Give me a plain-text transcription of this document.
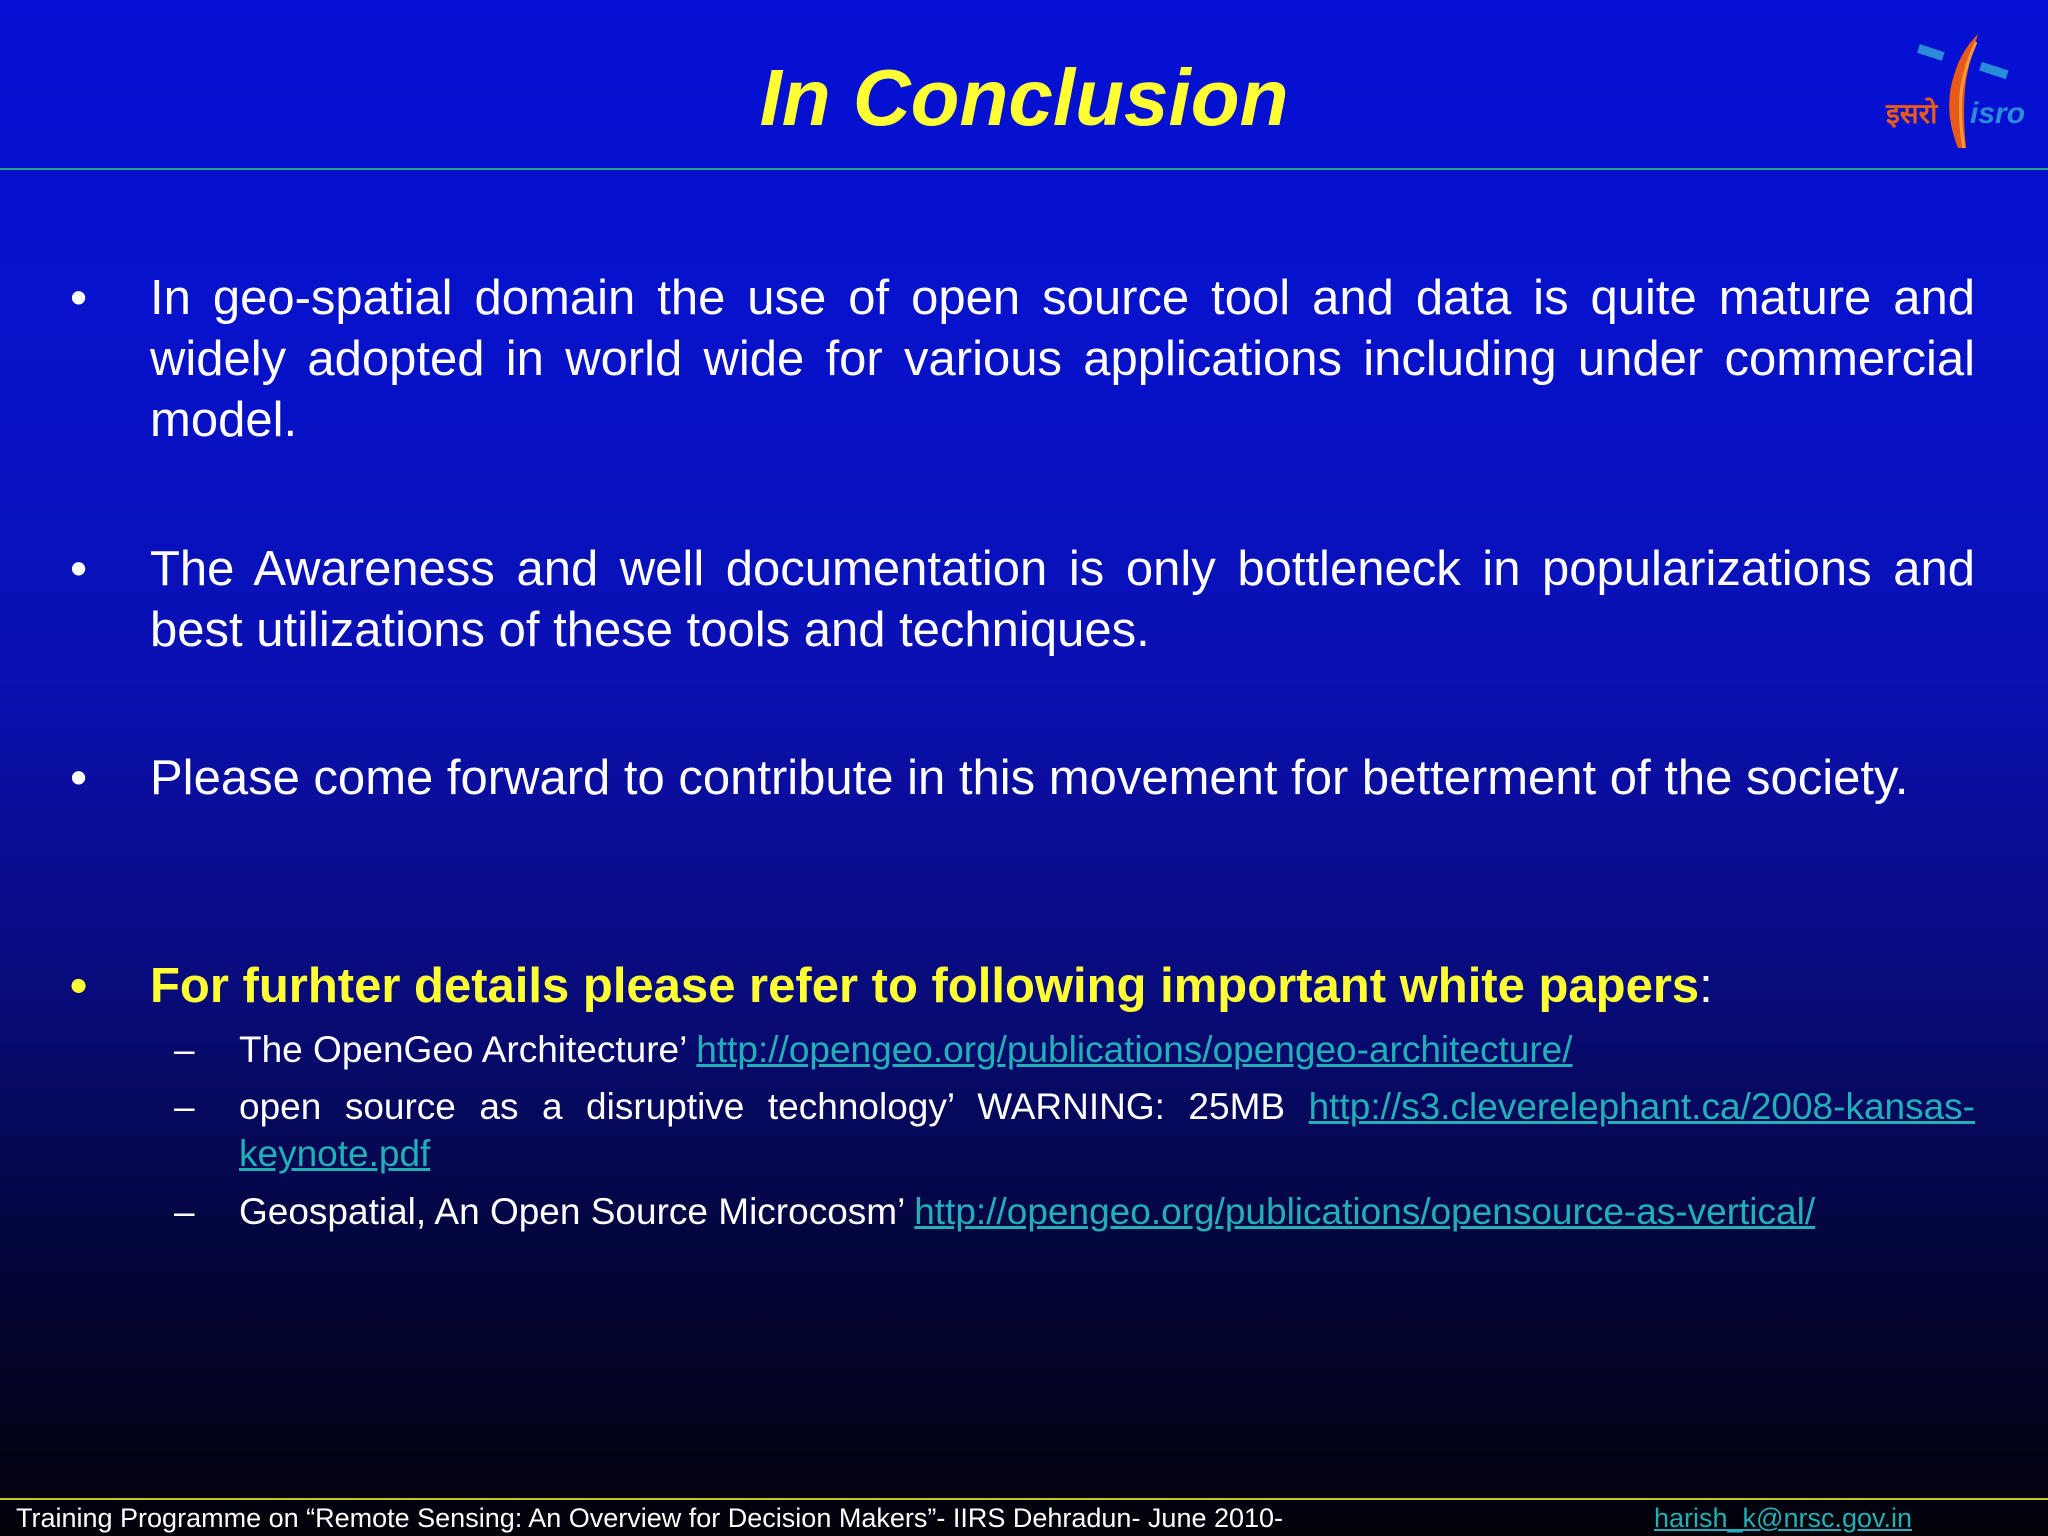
In Conclusion	इसरो isro
•	In geo-spatial domain the use of open source tool and data is quite mature and widely adopted in world wide for various applications including under commercial model.
•	The Awareness and well documentation is only bottleneck in popularizations and best utilizations of these tools and techniques.
•	Please come forward to contribute in this movement for betterment of the society.
•	For furhter details please refer to following important white papers:
– The OpenGeo Architecture’ http://opengeo.org/publications/opengeo-architecture/
– open source as a disruptive technology’ WARNING: 25MB http://s3.cleverelephant.ca/2008-kansas-keynote.pdf
– Geospatial, An Open Source Microcosm’ http://opengeo.org/publications/opensource-as-vertical/
Training Programme on “Remote Sensing: An Overview for Decision Makers”- IIRS Dehradun- June 2010-	harish_k@nrsc.gov.in
